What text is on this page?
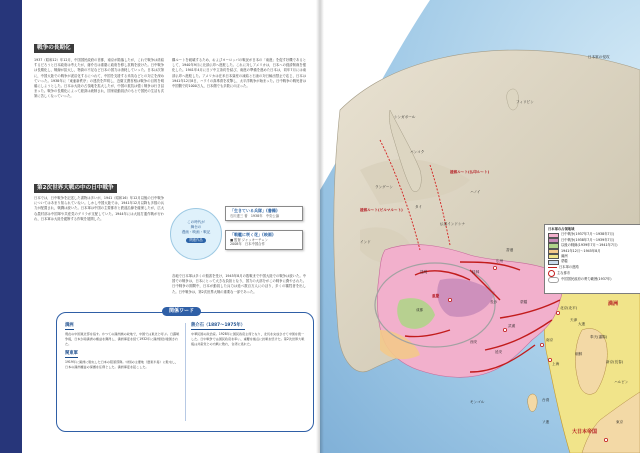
戦争の長期化

1937（昭和12）年12月，中国国民政府の首都，南京が陥落したが，これで戦争は終結するだろうと日本政府は考えたが，蔣介石は重慶に政府を移し抗戦を続けた。日中戦争は長期化し，戦線が拡大し，物資の不足など日本の国力は消耗していった。日本は次第に，中国大陸での戦争が泥沼化するにつれて，中国を支援する米英などとの対立を深めていった。1938年に「東亜新秩序」の建設を声明し，近衛文麿首相は戦争の目的を明確にしようとした。日本は大陸の占領地を拡大したが，中国の抵抗は強く戦争は行き詰まった。戦争の長期化によって経済は統制され，国家総動員法のもとで国民の生活も次第に苦しくなっていった。

構ルートを破壊するため，およびヨーロッパの戦況が日本の「南進」を促す好機であるとして，1940年9月に北部仏印へ進駐した。これに対しアメリカは，日本への経済制裁を強化した。1941年4月に日ソ中立条約を結び，南進の準備を進めた日本は，同年7月には南部仏印へ進駐した。アメリカは在米日本資産の凍結と石油の対日輸出禁止で応じ，日本は1941年12月8日，ハワイの真珠湾を攻撃し，太平洋戦争が始まった。日中戦争の戦死者は中国側で約1000万人，日本側でも多数にのぼった。

第2次世界大戦の中の日中戦争

日本では，日中戦争を記述した書物は多いが，1941（昭和16）年12月以後の日中戦争についてはあまり知られていない。しかし中国大陸では，1941年12月以降も多数の兵力が配置され，戦闘は続いた。日本軍は中国の主要都市と鉄道沿線を確保したが，広大な農村部は中国軍や共産党のゲリラが支配していた。1944年には大陸打通作戦が行われ，日本軍は大陸を縦断する作戦を展開した。

この時代が
舞台の
漫画・映画・戦記
関連作品
「生きている兵隊」(書籍)
石川達三 著　1938年　中央公論
「戦艦に咲く花」(映画)
■ 監督 ジャッキーチェン
2008年　日本中国合作

各地で日本軍は多くの損害を受け，1945年8月の敗戦まで中国大陸での戦争は続いた。中国での戦争は，日本にとって大きな負担となり，国力の大部分がこの戦争に費やされた。日中戦争の期間中，日本が動員した兵力は延べ数百万人にのぼり，多くの犠牲者を出した。日中戦争は，第2次世界大戦の重要な一部であった。

関係ワード
満洲
現在の中国東北部を指す。かつての満洲族の故地で，中国では東北と呼ぶ。日露戦争後，日本が南満洲の権益を獲得し，満洲事変を経て1932年に満洲国が建国された。
関東軍
1919年に満洲に駐屯した日本の陸軍部隊。中国の主要地（遼東半島）に駐屯し，日本の満洲権益の保護を任務とした。満洲事変を起こした。
蔣介石（1887〜1975年）
中華民国の政治家。1928年に国民政府主席となり，北伐を完成させて中国を統一した。日中戦争では国民政府を率い，重慶を拠点に抗戦を続けた。第2次世界大戦後は共産党との内戦に敗れ，台湾に逃れた。
日本軍の侵攻
満洲
朝鮮
大日本帝国
東京
台湾
北京(北平)
南京
上海
武漢
重慶
広州
香港
ハノイ
バンコク
ラングーン
タイ
仏領インドシナ
援蔣ルート(ビルマルート)
援蔣ルート(仏印ルート)
フィリピン
シンガポール
インド
西安
延安
昆明	桂林
長沙
成都
蒙疆
モンゴル
天津
大連
奉天(瀋陽)
新京(長春)
ハルビン
ソ連
日本軍の占領地域
日中戦争(1937年7月〜1938年7月)
日中戦争(1938年7月〜1939年7月)
以後の戦線(1939年7月〜1941年7月)
1941年12月〜1945年8月
満洲
蒙疆
日本軍の進路
主な都市
中国国民政府の勢力範囲(1937年)
